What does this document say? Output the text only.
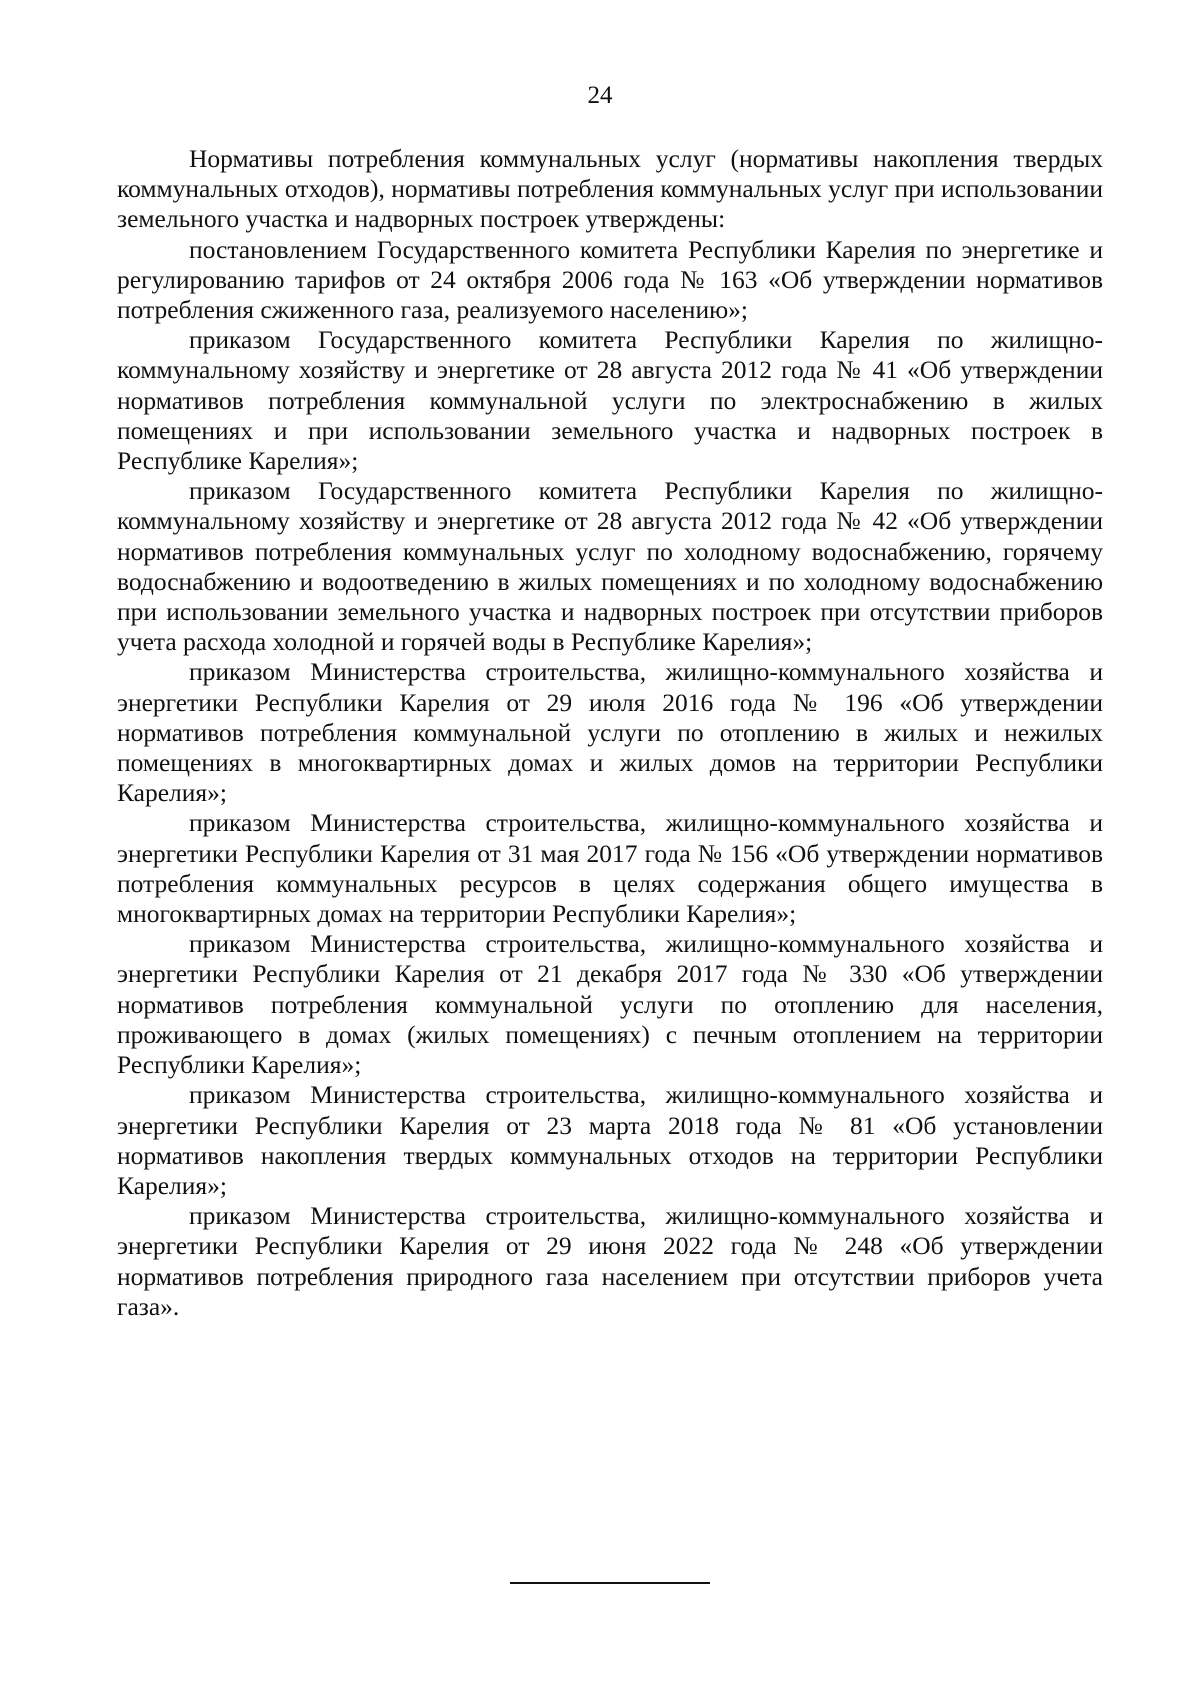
24

Нормативы потребления коммунальных услуг (нормативы накопления твердых коммунальных отходов), нормативы потребления коммунальных услуг при использовании земельного участка и надворных построек утверждены:

постановлением Государственного комитета Республики Карелия по энергетике и регулированию тарифов от 24 октября 2006 года № 163 «Об утверждении нормативов потребления сжиженного газа, реализуемого населению»;

приказом Государственного комитета Республики Карелия по жилищно-коммунальному хозяйству и энергетике от 28 августа 2012 года № 41 «Об утверждении нормативов потребления коммунальной услуги по электроснабжению в жилых помещениях и при использовании земельного участка и надворных построек в Республике Карелия»;

приказом Государственного комитета Республики Карелия по жилищно-коммунальному хозяйству и энергетике от 28 августа 2012 года № 42 «Об утверждении нормативов потребления коммунальных услуг по холодному водоснабжению, горячему водоснабжению и водоотведению в жилых помещениях и по холодному водоснабжению при использовании земельного участка и надворных построек при отсутствии приборов учета расхода холодной и горячей воды в Республике Карелия»;

приказом Министерства строительства, жилищно-коммунального хозяйства и энергетики Республики Карелия от 29 июля 2016 года № 196 «Об утверждении нормативов потребления коммунальной услуги по отоплению в жилых и нежилых помещениях в многоквартирных домах и жилых домов на территории Республики Карелия»;

приказом Министерства строительства, жилищно-коммунального хозяйства и энергетики Республики Карелия от 31 мая 2017 года № 156 «Об утверждении нормативов потребления коммунальных ресурсов в целях содержания общего имущества в многоквартирных домах на территории Республики Карелия»;

приказом Министерства строительства, жилищно-коммунального хозяйства и энергетики Республики Карелия от 21 декабря 2017 года № 330 «Об утверждении нормативов потребления коммунальной услуги по отоплению для населения, проживающего в домах (жилых помещениях) с печным отоплением на территории Республики Карелия»;

приказом Министерства строительства, жилищно-коммунального хозяйства и энергетики Республики Карелия от 23 марта 2018 года № 81 «Об установлении нормативов накопления твердых коммунальных отходов на территории Республики Карелия»;

приказом Министерства строительства, жилищно-коммунального хозяйства и энергетики Республики Карелия от 29 июня 2022 года № 248 «Об утверждении нормативов потребления природного газа населением при отсутствии приборов учета газа».
